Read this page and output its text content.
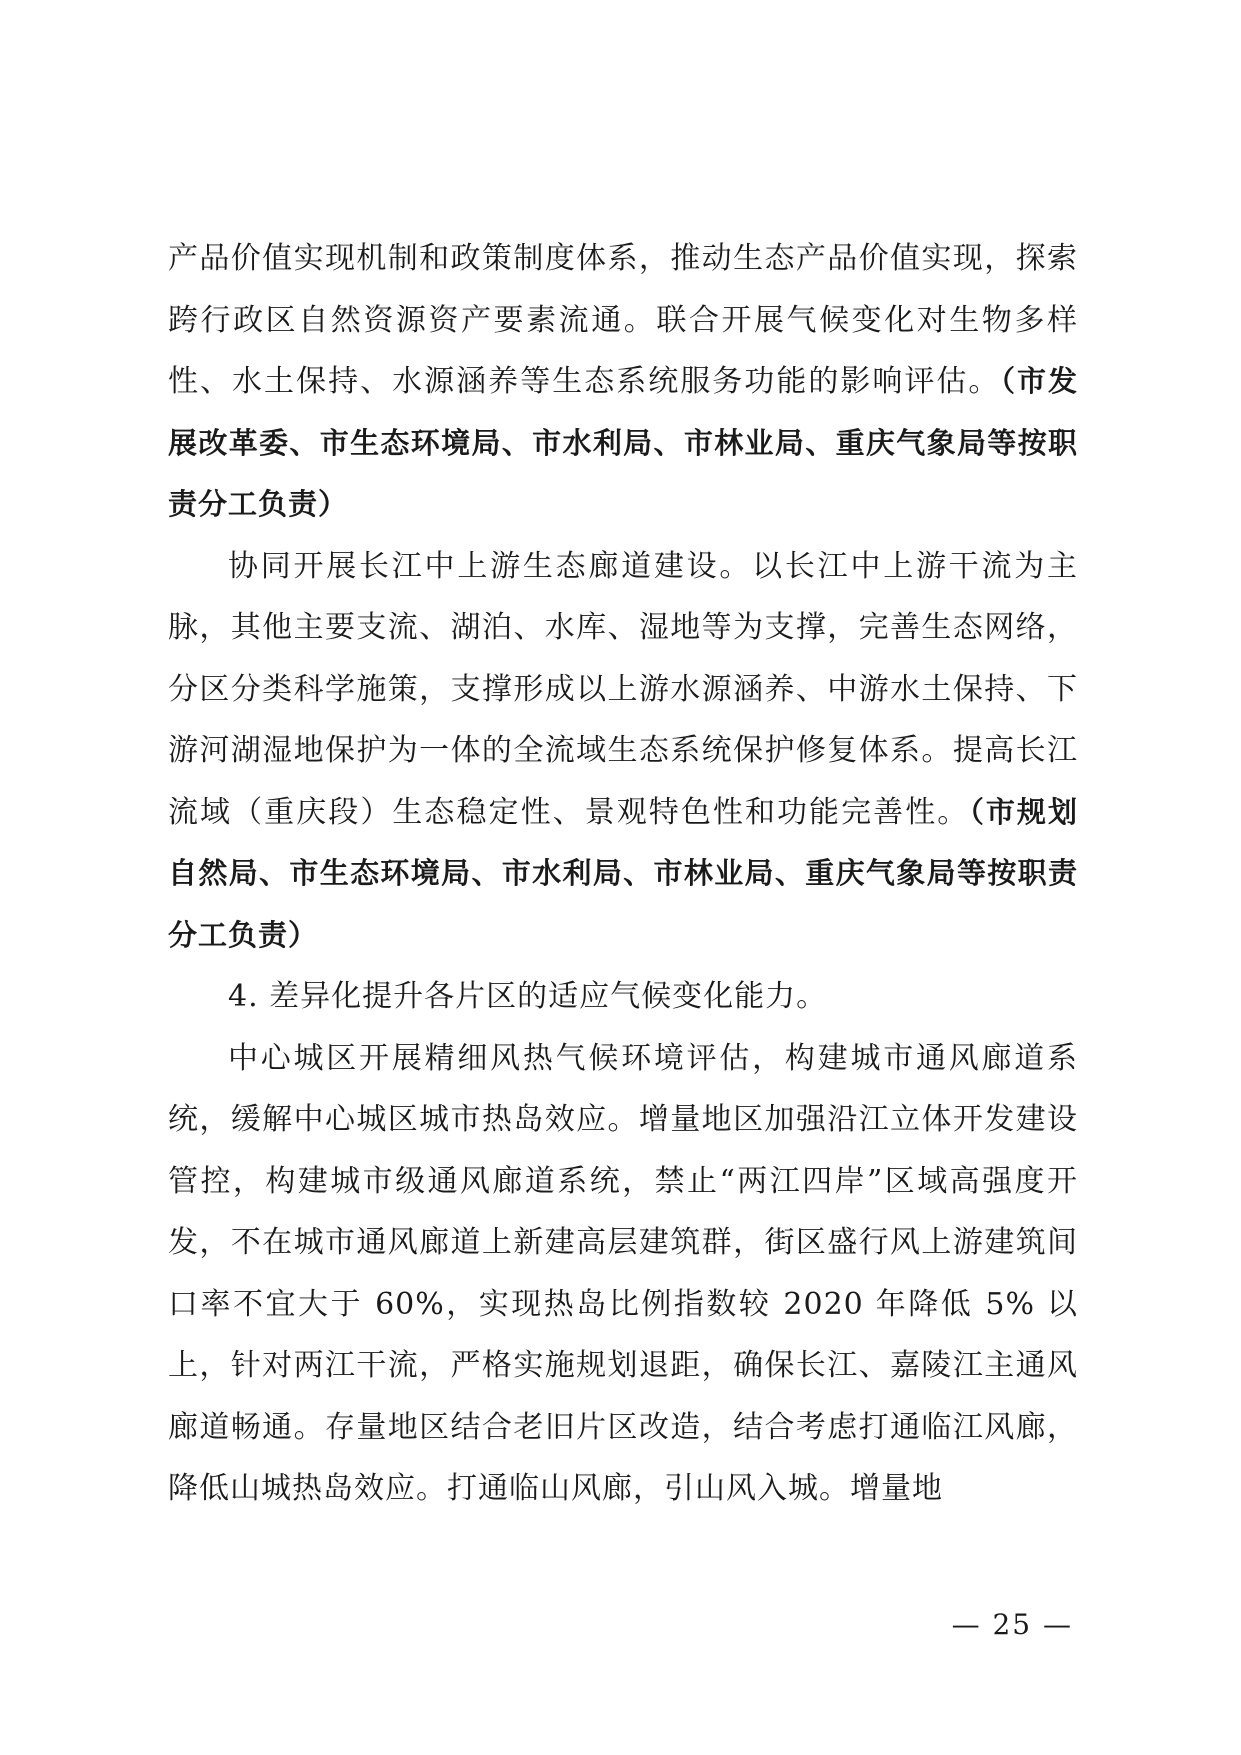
产品价值实现机制和政策制度体系，推动生态产品价值实现，探索跨行政区自然资源资产要素流通。联合开展气候变化对生物多样性、水土保持、水源涵养等生态系统服务功能的影响评估。（市发展改革委、市生态环境局、市水利局、市林业局、重庆气象局等按职责分工负责）

协同开展长江中上游生态廊道建设。以长江中上游干流为主脉，其他主要支流、湖泊、水库、湿地等为支撑，完善生态网络，分区分类科学施策，支撑形成以上游水源涵养、中游水土保持、下游河湖湿地保护为一体的全流域生态系统保护修复体系。提高长江流域（重庆段）生态稳定性、景观特色性和功能完善性。（市规划自然局、市生态环境局、市水利局、市林业局、重庆气象局等按职责分工负责）

4. 差异化提升各片区的适应气候变化能力。

中心城区开展精细风热气候环境评估，构建城市通风廊道系统，缓解中心城区城市热岛效应。增量地区加强沿江立体开发建设管控，构建城市级通风廊道系统，禁止“两江四岸”区域高强度开发，不在城市通风廊道上新建高层建筑群，街区盛行风上游建筑间口率不宜大于 60%，实现热岛比例指数较 2020 年降低 5% 以上，针对两江干流，严格实施规划退距，确保长江、嘉陵江主通风廊道畅通。存量地区结合老旧片区改造，结合考虑打通临江风廊，降低山城热岛效应。打通临山风廊，引山风入城。增量地

— 25 —
